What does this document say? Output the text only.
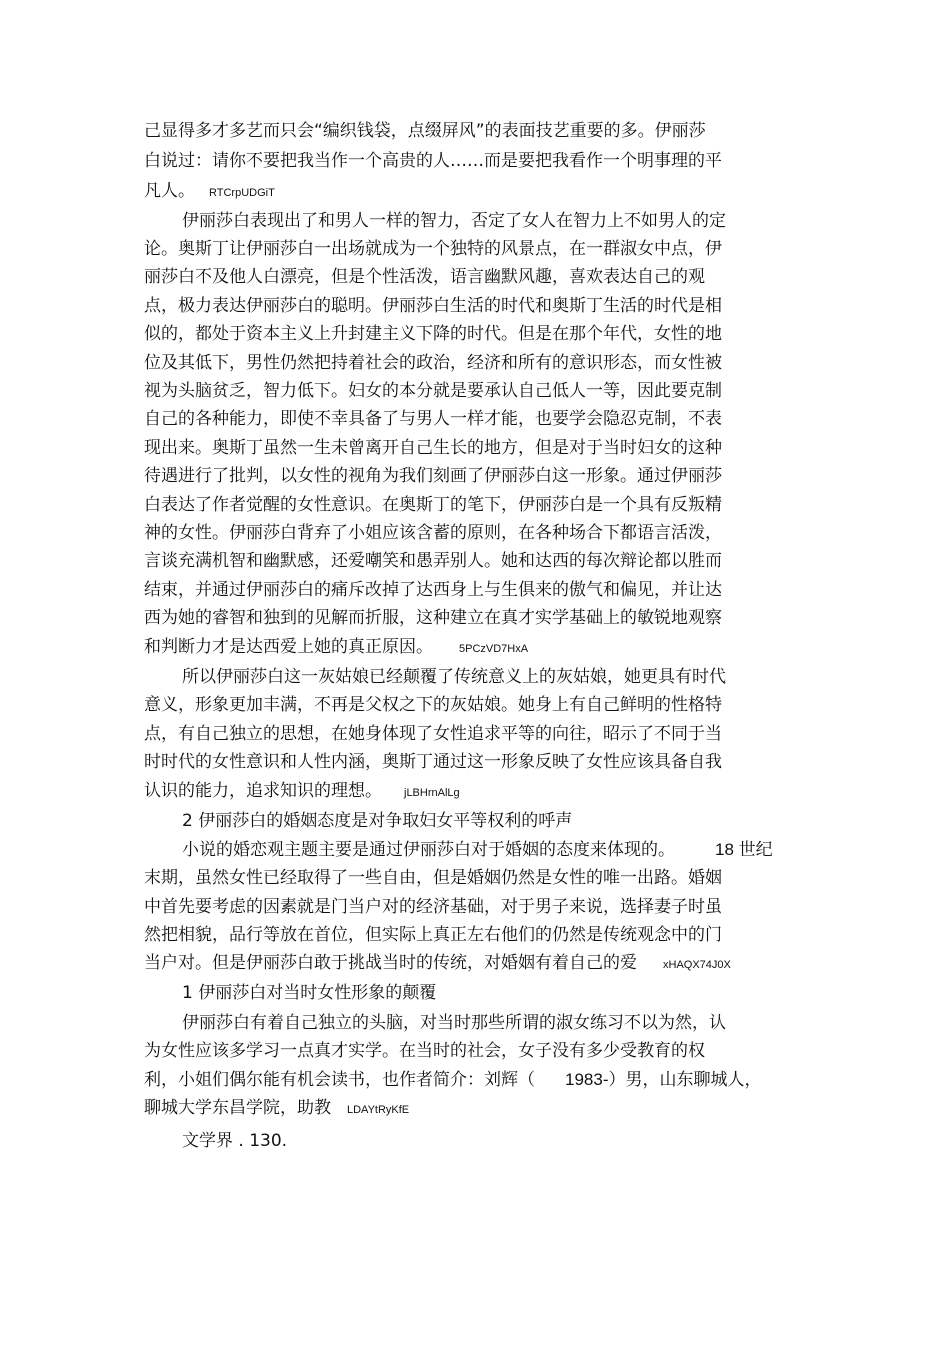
己显得多才多艺而只会“编织钱袋，点缀屏风”的表面技艺重要的多。伊丽莎
白说过：请你不要把我当作一个高贵的人……而是要把我看作一个明事理的平
凡人。 RTCrpUDGiT
伊丽莎白表现出了和男人一样的智力，否定了女人在智力上不如男人的定
论。奥斯丁让伊丽莎白一出场就成为一个独特的风景点，在一群淑女中点，伊
丽莎白不及他人白漂亮，但是个性活泼，语言幽默风趣，喜欢表达自己的观
点，极力表达伊丽莎白的聪明。伊丽莎白生活的时代和奥斯丁生活的时代是相
似的，都处于资本主义上升封建主义下降的时代。但是在那个年代，女性的地
位及其低下，男性仍然把持着社会的政治，经济和所有的意识形态，而女性被
视为头脑贫乏，智力低下。妇女的本分就是要承认自己低人一等，因此要克制
自己的各种能力，即使不幸具备了与男人一样才能，也要学会隐忍克制，不表
现出来。奥斯丁虽然一生未曾离开自己生长的地方，但是对于当时妇女的这种
待遇进行了批判，以女性的视角为我们刻画了伊丽莎白这一形象。通过伊丽莎
白表达了作者觉醒的女性意识。在奥斯丁的笔下，伊丽莎白是一个具有反叛精
神的女性。伊丽莎白背弃了小姐应该含蓄的原则，在各种场合下都语言活泼，
言谈充满机智和幽默感，还爱嘲笑和愚弄别人。她和达西的每次辩论都以胜而
结束，并通过伊丽莎白的痛斥改掉了达西身上与生俱来的傲气和偏见，并让达
西为她的睿智和独到的见解而折服，这种建立在真才实学基础上的敏锐地观察
和判断力才是达西爱上她的真正原因。 5PCzVD7HxA
所以伊丽莎白这一灰姑娘已经颠覆了传统意义上的灰姑娘，她更具有时代
意义，形象更加丰满，不再是父权之下的灰姑娘。她身上有自己鲜明的性格特
点，有自己独立的思想，在她身体现了女性追求平等的向往，昭示了不同于当
时时代的女性意识和人性内涵，奥斯丁通过这一形象反映了女性应该具备自我
认识的能力，追求知识的理想。 jLBHrnAlLg
2 伊丽莎白的婚姻态度是对争取妇女平等权利的呼声
小说的婚恋观主题主要是通过伊丽莎白对于婚姻的态度来体现的。 18 世纪
末期，虽然女性已经取得了一些自由，但是婚姻仍然是女性的唯一出路。婚姻
中首先要考虑的因素就是门当户对的经济基础，对于男子来说，选择妻子时虽
然把相貌，品行等放在首位，但实际上真正左右他们的仍然是传统观念中的门
当户对。但是伊丽莎白敢于挑战当时的传统，对婚姻有着自己的爱 xHAQX74J0X
1 伊丽莎白对当时女性形象的颠覆
伊丽莎白有着自己独立的头脑，对当时那些所谓的淑女练习不以为然，认
为女性应该多学习一点真才实学。在当时的社会，女子没有多少受教育的权
利，小姐们偶尔能有机会读书，也作者简介：刘辉（ 1983-）男，山东聊城人，
聊城大学东昌学院，助教 LDAYtRyKfE
文学界 . 130.
